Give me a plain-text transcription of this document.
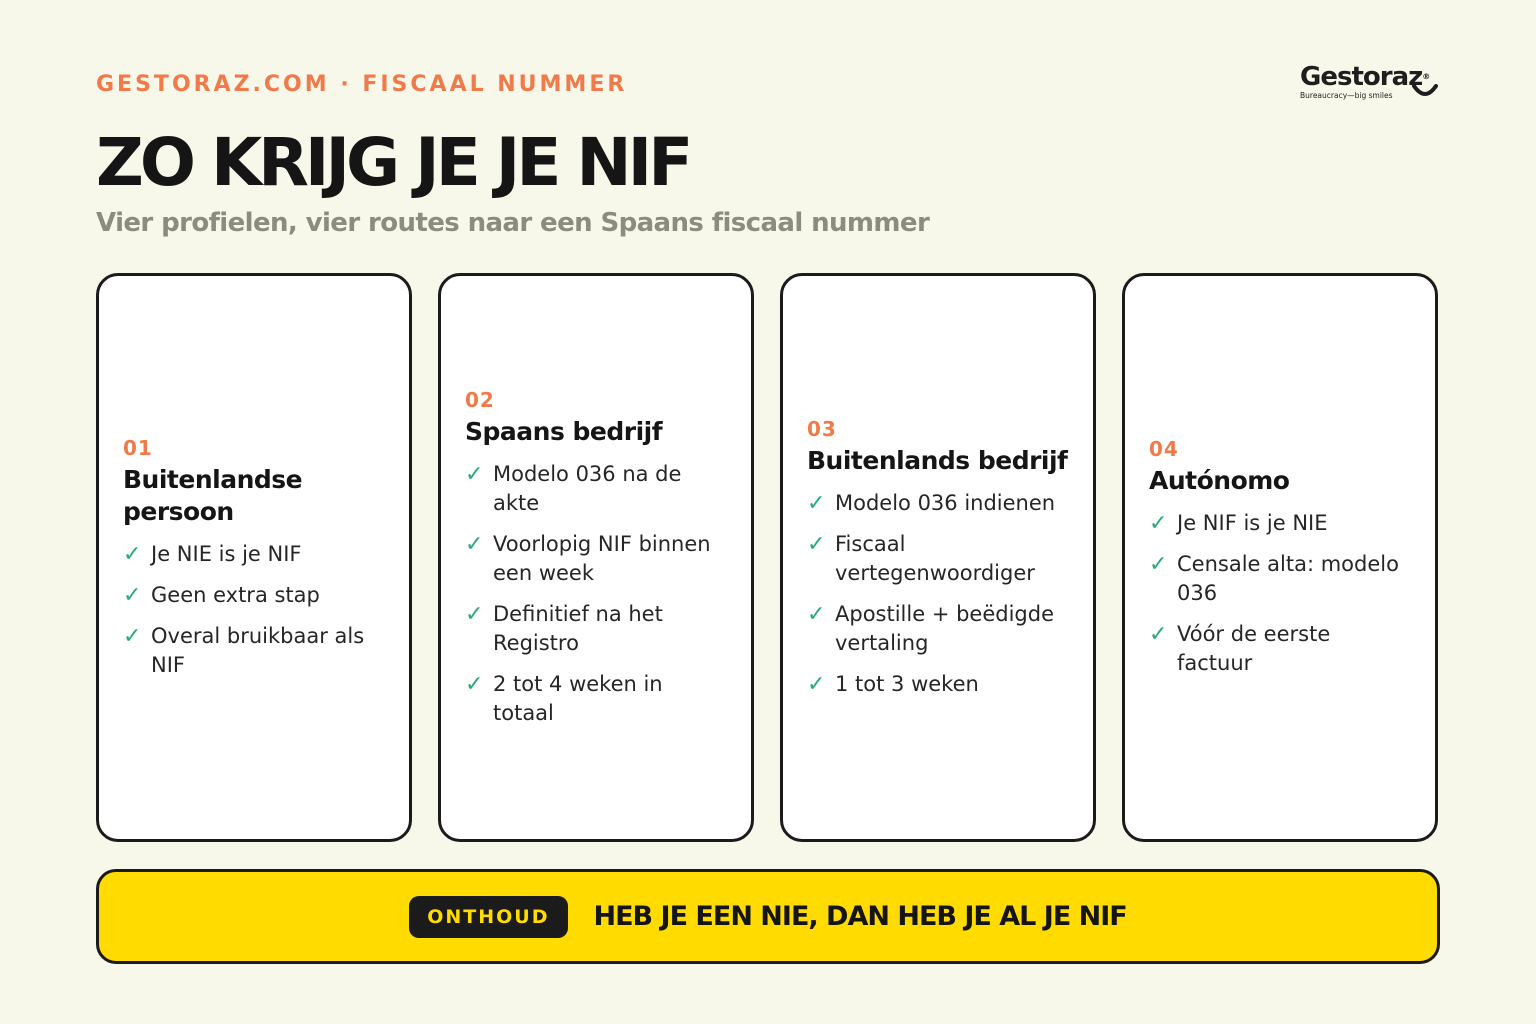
GESTORAZ.COM · FISCAAL NUMMER	Gestoraz®
Bureaucracy—big smiles
ZO KRIJG JE JE NIF
Vier profielen, vier routes naar een Spaans fiscaal nummer
01
Buitenlandse persoon
✓ Je NIE is je NIF
✓ Geen extra stap
✓ Overal bruikbaar als NIF
02
Spaans bedrijf
✓ Modelo 036 na de akte
✓ Voorlopig NIF binnen een week
✓ Definitief na het Registro
✓ 2 tot 4 weken in totaal
03
Buitenlands bedrijf
✓ Modelo 036 indienen
✓ Fiscaal vertegenwoordiger
✓ Apostille + beëdigde vertaling
✓ 1 tot 3 weken
04
Autónomo
✓ Je NIF is je NIE
✓ Censale alta: modelo 036
✓ Vóór de eerste factuur
ONTHOUD	HEB JE EEN NIE, DAN HEB JE AL JE NIF
